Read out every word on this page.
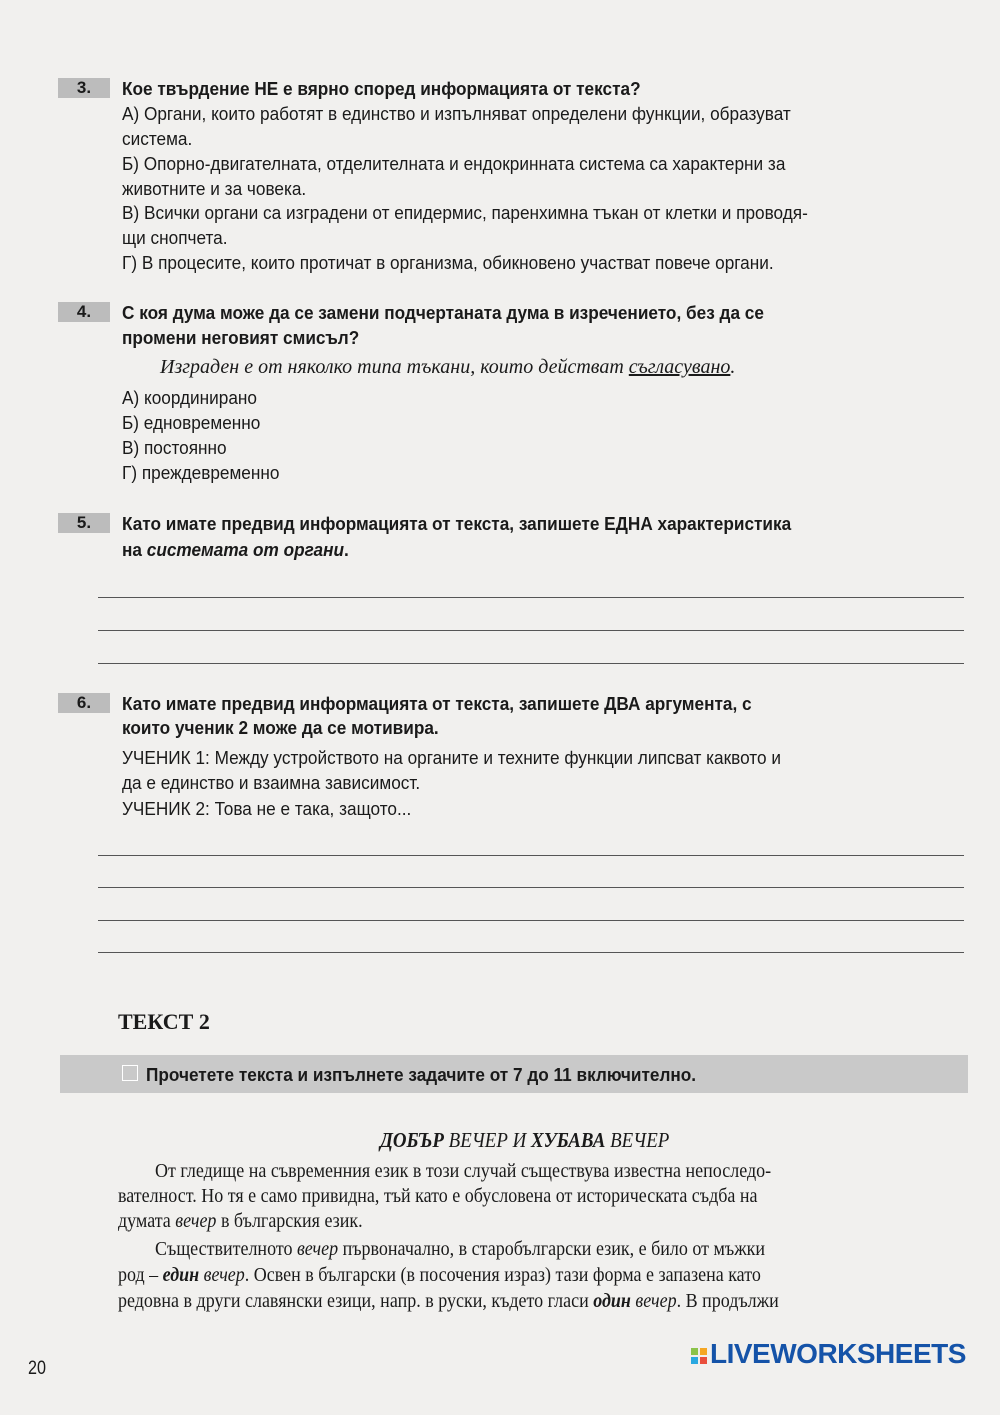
3.	Кое твърдение НЕ е вярно според информацията от текста?
А) Органи, които работят в единство и изпълняват определени функции, образуват
система.
Б) Опорно-двигателната, отделителната и ендокринната система са характерни за
животните и за човека.
В) Всички органи са изградени от епидермис, паренхимна тъкан от клетки и проводя-
щи снопчета.
Г) В процесите, които протичат в организма, обикновено участват повече органи.
4.	С коя дума може да се замени подчертаната дума в изречението, без да се
промени неговият смисъл?
Изграден е от няколко типа тъкани, които действат съгласувано.
А) координирано
Б) едновременно
В) постоянно
Г) преждевременно
5.	Като имате предвид информацията от текста, запишете ЕДНА характеристика
на системата от органи.
6.	Като имате предвид информацията от текста, запишете ДВА аргумента, с
които ученик 2 може да се мотивира.
УЧЕНИК 1: Между устройството на органите и техните функции липсват каквото и
да е единство и взаимна зависимост.
УЧЕНИК 2: Това не е така, защото...
ТЕКСТ 2
Прочетете текста и изпълнете задачите от 7 до 11 включително.
ДОБЪР ВЕЧЕР И ХУБАВА ВЕЧЕР
От гледище на съвременния език в този случай съществува известна непоследо-
вателност. Но тя е само привидна, тъй като е обусловена от историческата съдба на
думата вечер в българския език.
Съществителното вечер първоначално, в старобългарски език, е било от мъжки
род – един вечер. Освен в български (в посочения израз) тази форма е запазена като
редовна в други славянски езици, напр. в руски, където гласи один вечер. В продължи
20	LIVEWORKSHEETS
